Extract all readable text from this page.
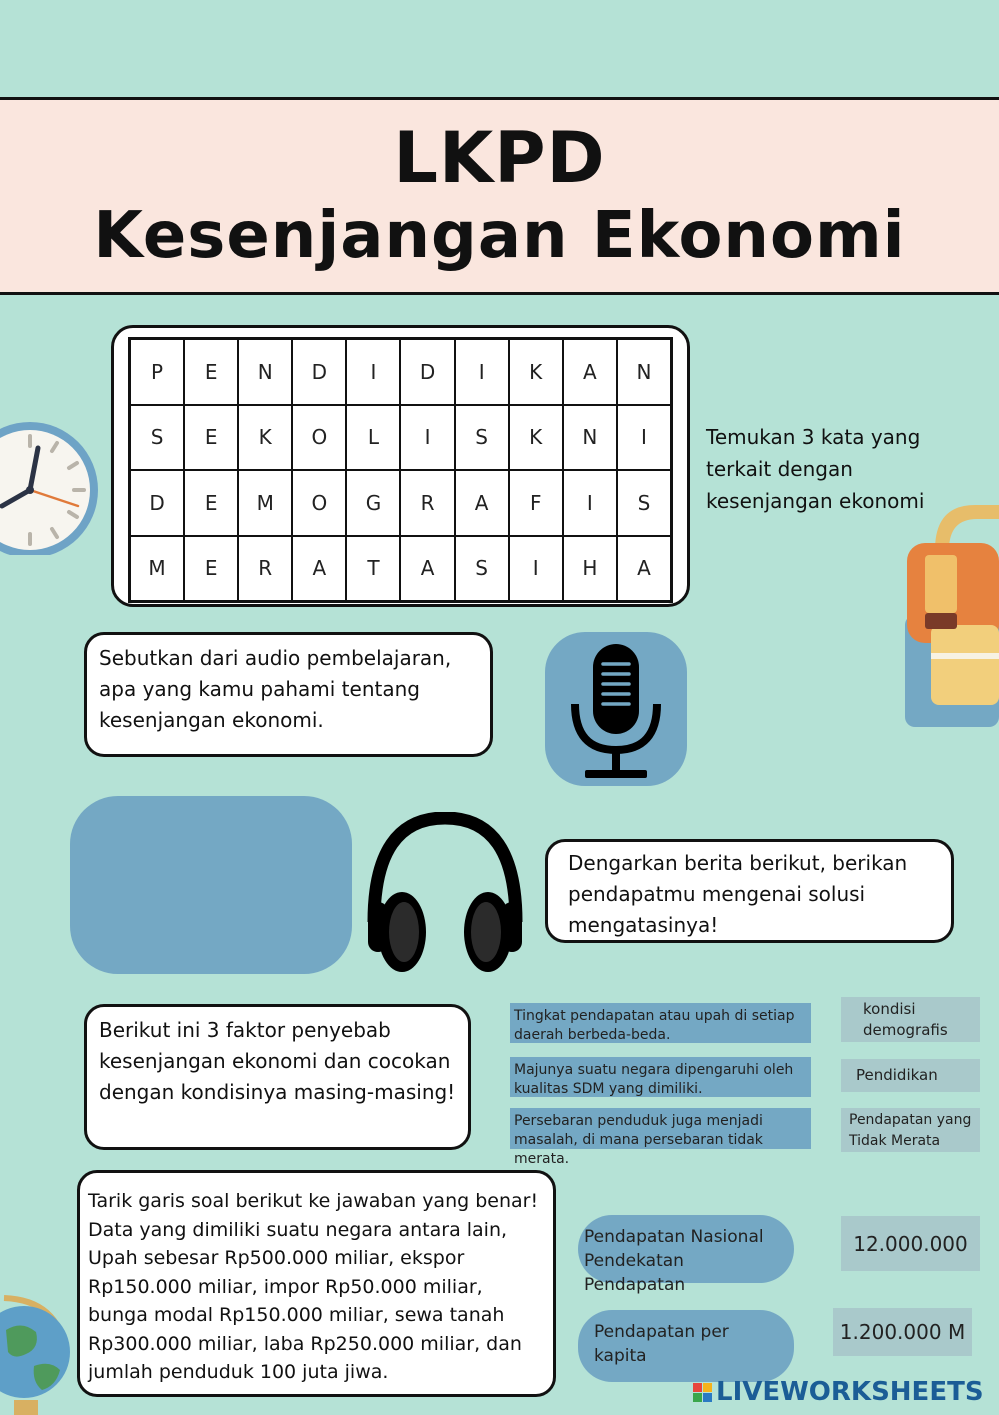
LKPD
Kesenjangan Ekonomi
P	E	N	D	I	D	I	K	A	N
S	E	K	O	L	I	S	K	N	I
D	E	M	O	G	R	A	F	I	S
M	E	R	A	T	A	S	I	H	A
Temukan 3 kata yang terkait dengan kesenjangan ekonomi
Sebutkan dari audio pembelajaran, apa yang kamu pahami tentang kesenjangan ekonomi.
Dengarkan berita berikut, berikan pendapatmu mengenai solusi mengatasinya!
Berikut ini 3 faktor penyebab kesenjangan ekonomi dan cocokan dengan kondisinya masing-masing!
Tingkat pendapatan atau upah di setiap daerah berbeda-beda.
Majunya suatu negara dipengaruhi oleh kualitas SDM yang dimiliki.
Persebaran penduduk juga menjadi masalah, di mana persebaran tidak merata.
kondisi demografis
Pendidikan
Pendapatan yang Tidak Merata
Tarik garis soal berikut ke jawaban yang benar! Data yang dimiliki suatu negara antara lain, Upah sebesar Rp500.000 miliar, ekspor Rp150.000 miliar, impor Rp50.000 miliar, bunga modal Rp150.000 miliar, sewa tanah Rp300.000 miliar, laba Rp250.000 miliar, dan jumlah penduduk 100 juta jiwa.
Pendapatan Nasional Pendekatan Pendapatan
Pendapatan per kapita
12.000.000
1.200.000 M
LIVEWORKSHEETS
